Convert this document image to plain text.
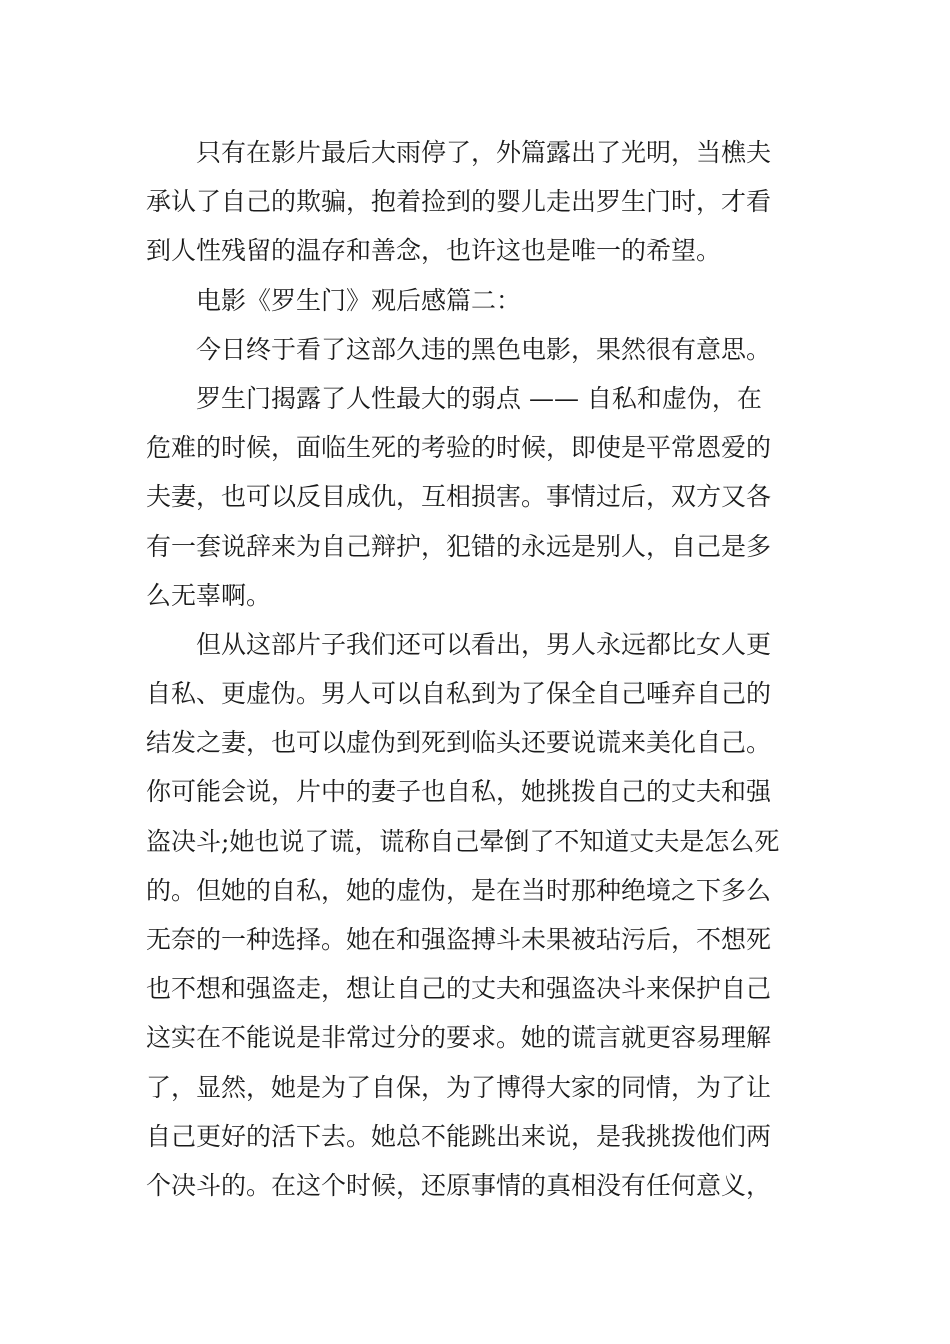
只有在影片最后大雨停了，外篇露出了光明，当樵夫
承认了自己的欺骗，抱着捡到的婴儿走出罗生门时，才看
到人性残留的温存和善念，也许这也是唯一的希望。
电影《罗生门》观后感篇二：
今日终于看了这部久违的黑色电影，果然很有意思。
罗生门揭露了人性最大的弱点 —— 自私和虚伪，在
危难的时候，面临生死的考验的时候，即使是平常恩爱的
夫妻，也可以反目成仇，互相损害。事情过后，双方又各
有一套说辞来为自己辩护，犯错的永远是别人，自己是多
么无辜啊。
但从这部片子我们还可以看出，男人永远都比女人更
自私、更虚伪。男人可以自私到为了保全自己唾弃自己的
结发之妻，也可以虚伪到死到临头还要说谎来美化自己。
你可能会说，片中的妻子也自私，她挑拨自己的丈夫和强
盗决斗;她也说了谎，谎称自己晕倒了不知道丈夫是怎么死
的。但她的自私，她的虚伪，是在当时那种绝境之下多么
无奈的一种选择。她在和强盗搏斗未果被玷污后，不想死
也不想和强盗走，想让自己的丈夫和强盗决斗来保护自己
这实在不能说是非常过分的要求。她的谎言就更容易理解
了，显然，她是为了自保，为了博得大家的同情，为了让
自己更好的活下去。她总不能跳出来说，是我挑拨他们两
个决斗的。在这个时候，还原事情的真相没有任何意义，
